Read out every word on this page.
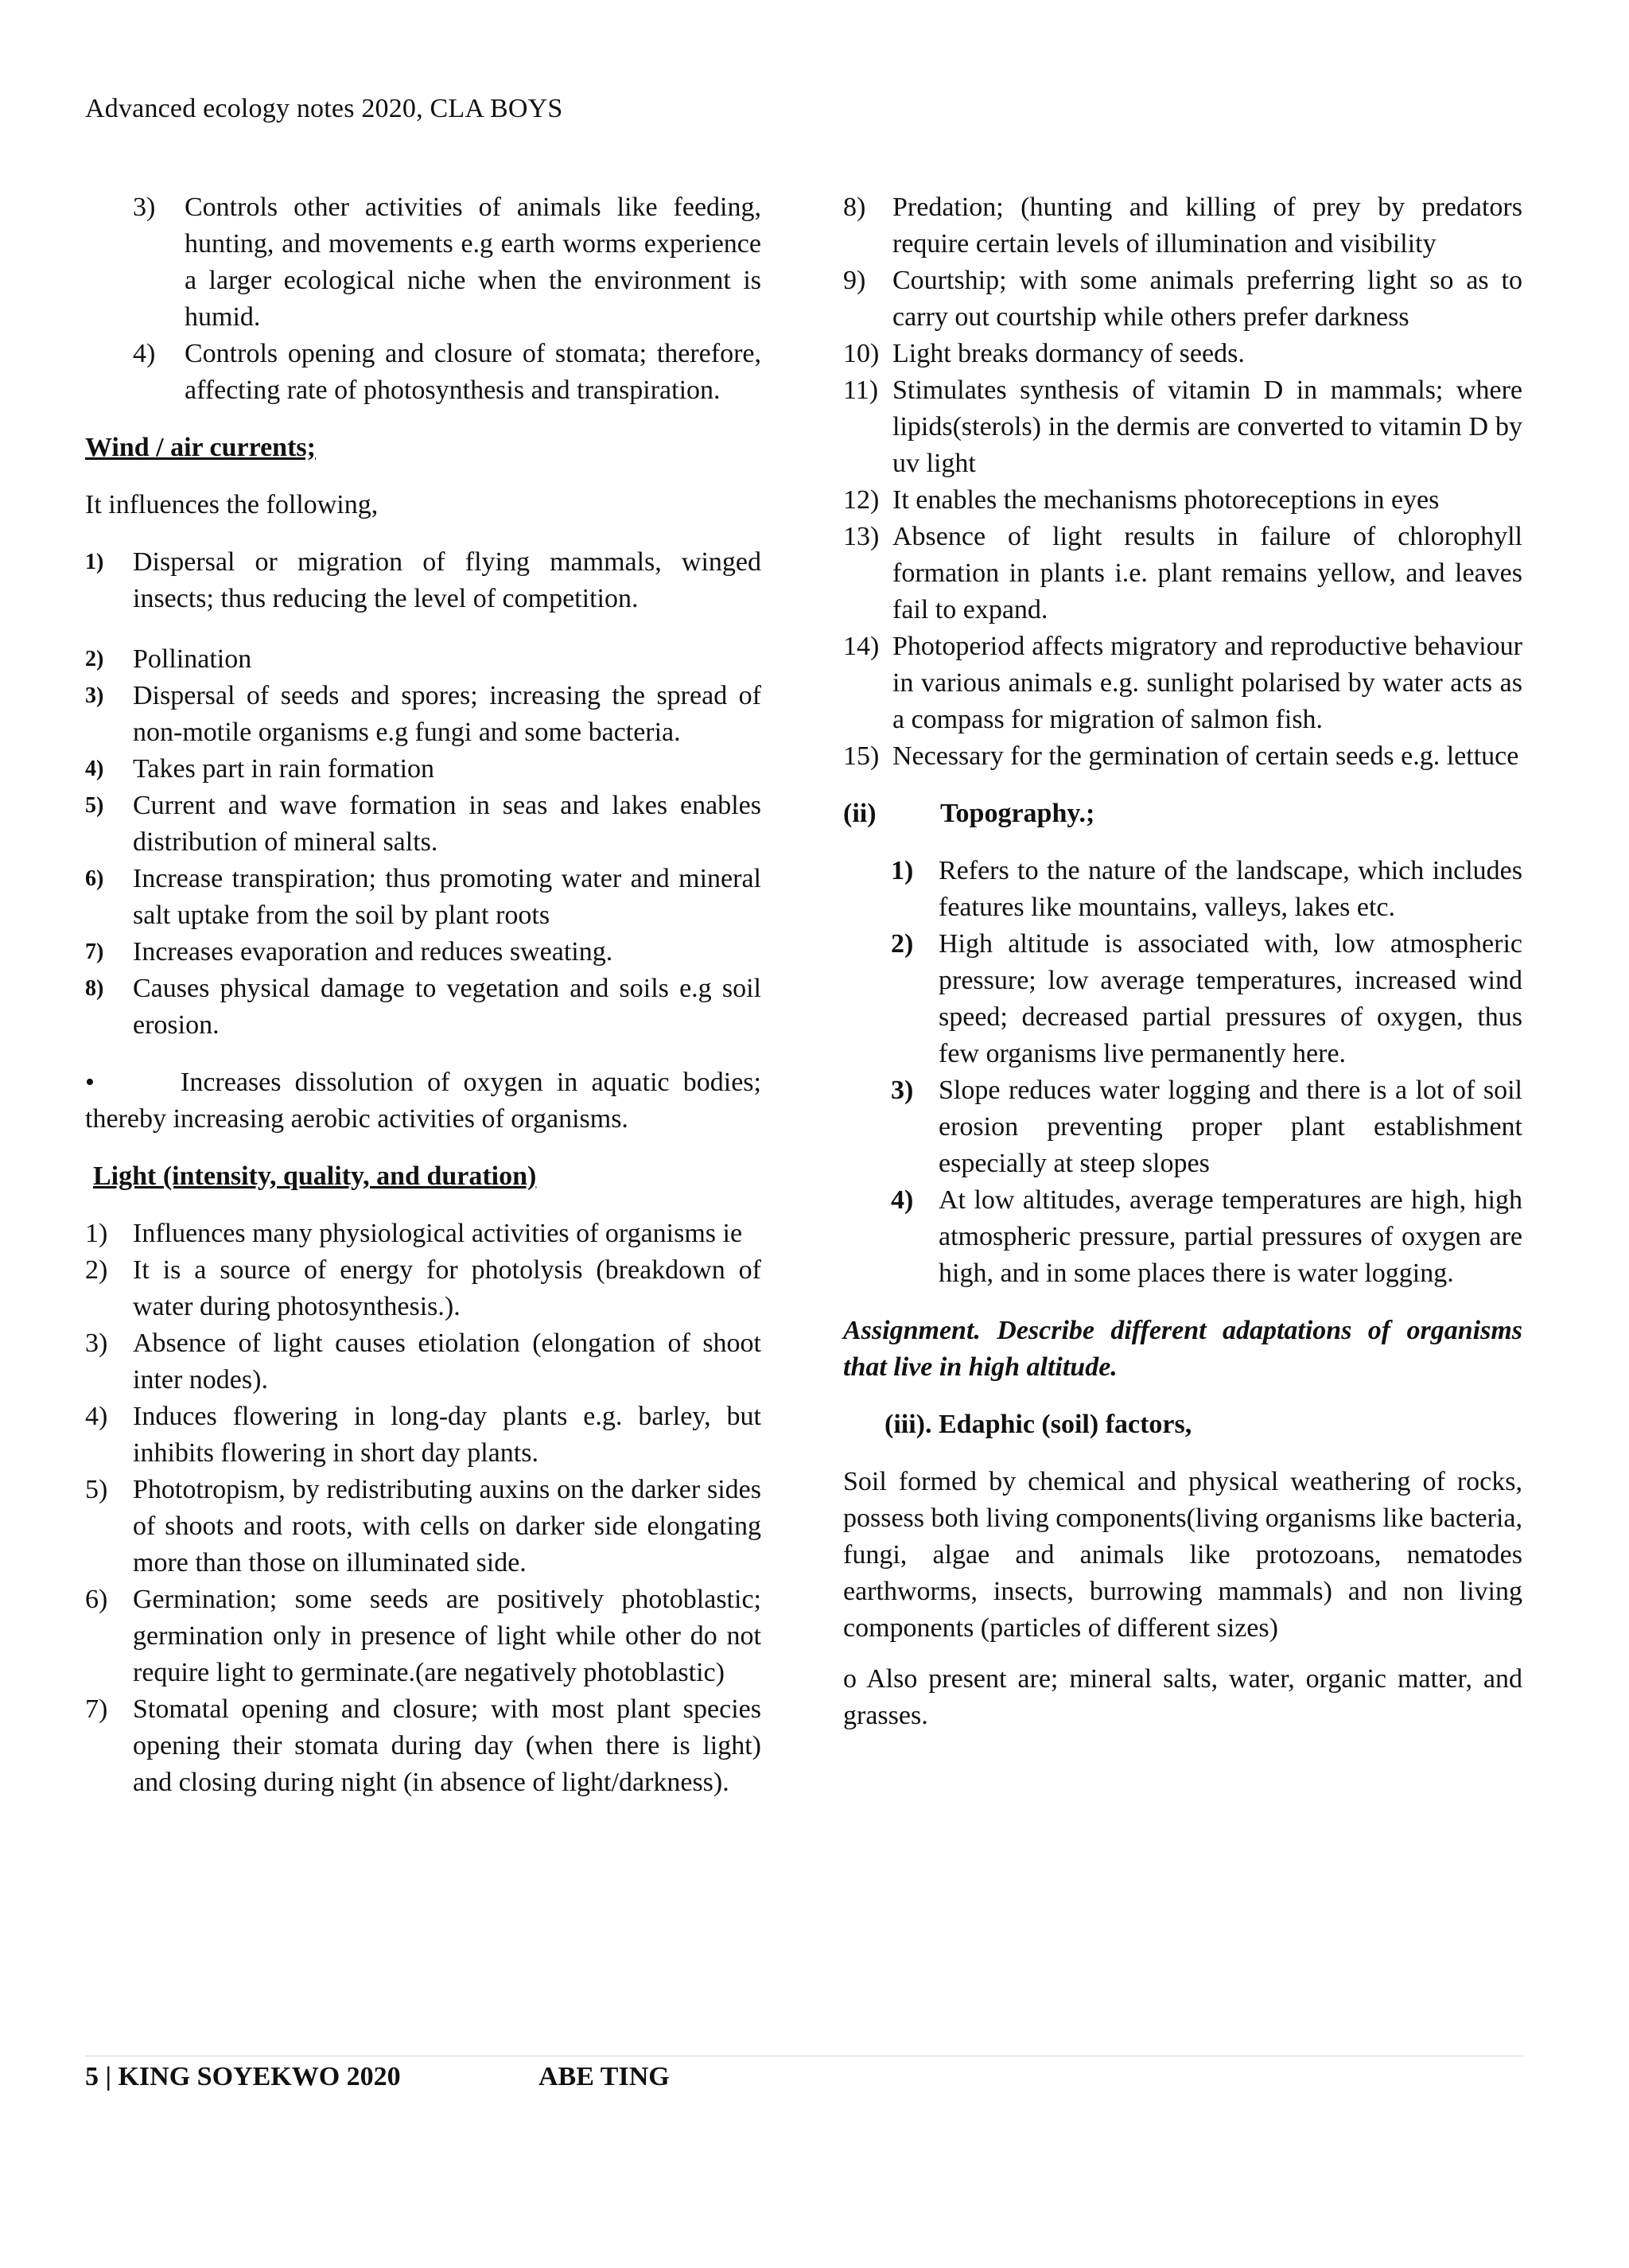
Advanced ecology notes 2020, CLA BOYS
3)	Controls other activities of animals like feeding, hunting, and movements e.g earth worms experience a larger ecological niche when the environment is humid.
4)	Controls opening and closure of stomata; therefore, affecting rate of photosynthesis and transpiration.
Wind / air currents;

It influences the following,

1)	Dispersal or migration of flying mammals, winged insects; thus reducing the level of competition.
2)	Pollination
3)	Dispersal of seeds and spores; increasing the spread of non-motile organisms e.g fungi and some bacteria.
4)	Takes part in rain formation
5)	Current and wave formation in seas and lakes enables distribution of mineral salts.
6)	Increase transpiration; thus promoting water and mineral salt uptake from the soil by plant roots
7)	Increases evaporation and reduces sweating.
8)	Causes physical damage to vegetation and soils e.g soil erosion.

•	Increases dissolution of oxygen in aquatic bodies; thereby increasing aerobic activities of organisms.

Light (intensity, quality, and duration)
1) Influences many physiological activities of organisms ie
2) It is a source of energy for photolysis (breakdown of water during photosynthesis.).
3) Absence of light causes etiolation (elongation of shoot inter nodes).
4) Induces flowering in long-day plants e.g. barley, but inhibits flowering in short day plants.
5) Phototropism, by redistributing auxins on the darker sides of shoots and roots, with cells on darker side elongating more than those on illuminated side.
6) Germination; some seeds are positively photoblastic; germination only in presence of light while other do not require light to germinate.(are negatively photoblastic)
7) Stomatal opening and closure; with most plant species opening their stomata during day (when there is light) and closing during night (in absence of light/darkness).
8) Predation; (hunting and killing of prey by predators require certain levels of illumination and visibility
9) Courtship; with some animals preferring light so as to carry out courtship while others prefer darkness
10) Light breaks dormancy of seeds.
11) Stimulates synthesis of vitamin D in mammals; where lipids(sterols) in the dermis are converted to vitamin D by uv light
12) It enables the mechanisms photoreceptions in eyes
13) Absence of light results in failure of chlorophyll formation in plants i.e. plant remains yellow, and leaves fail to expand.
14) Photoperiod affects migratory and reproductive behaviour in various animals e.g. sunlight polarised by water acts as a compass for migration of salmon fish.
15) Necessary for the germination of certain seeds e.g. lettuce
(ii) Topography.;
1) Refers to the nature of the landscape, which includes features like mountains, valleys, lakes etc.
2) High altitude is associated with, low atmospheric pressure; low average temperatures, increased wind speed; decreased partial pressures of oxygen, thus few organisms live permanently here.
3) Slope reduces water logging and there is a lot of soil erosion preventing proper plant establishment especially at steep slopes
4) At low altitudes, average temperatures are high, high atmospheric pressure, partial pressures of oxygen are high, and in some places there is water logging.

Assignment. Describe different adaptations of organisms that live in high altitude.

(iii). Edaphic (soil) factors,

Soil formed by chemical and physical weathering of rocks, possess both living components(living organisms like bacteria, fungi, algae and animals like protozoans, nematodes earthworms, insects, burrowing mammals) and non living components (particles of different sizes)

o Also present are; mineral salts, water, organic matter, and grasses.

5 | KING SOYEKWO 2020	ABE TING
